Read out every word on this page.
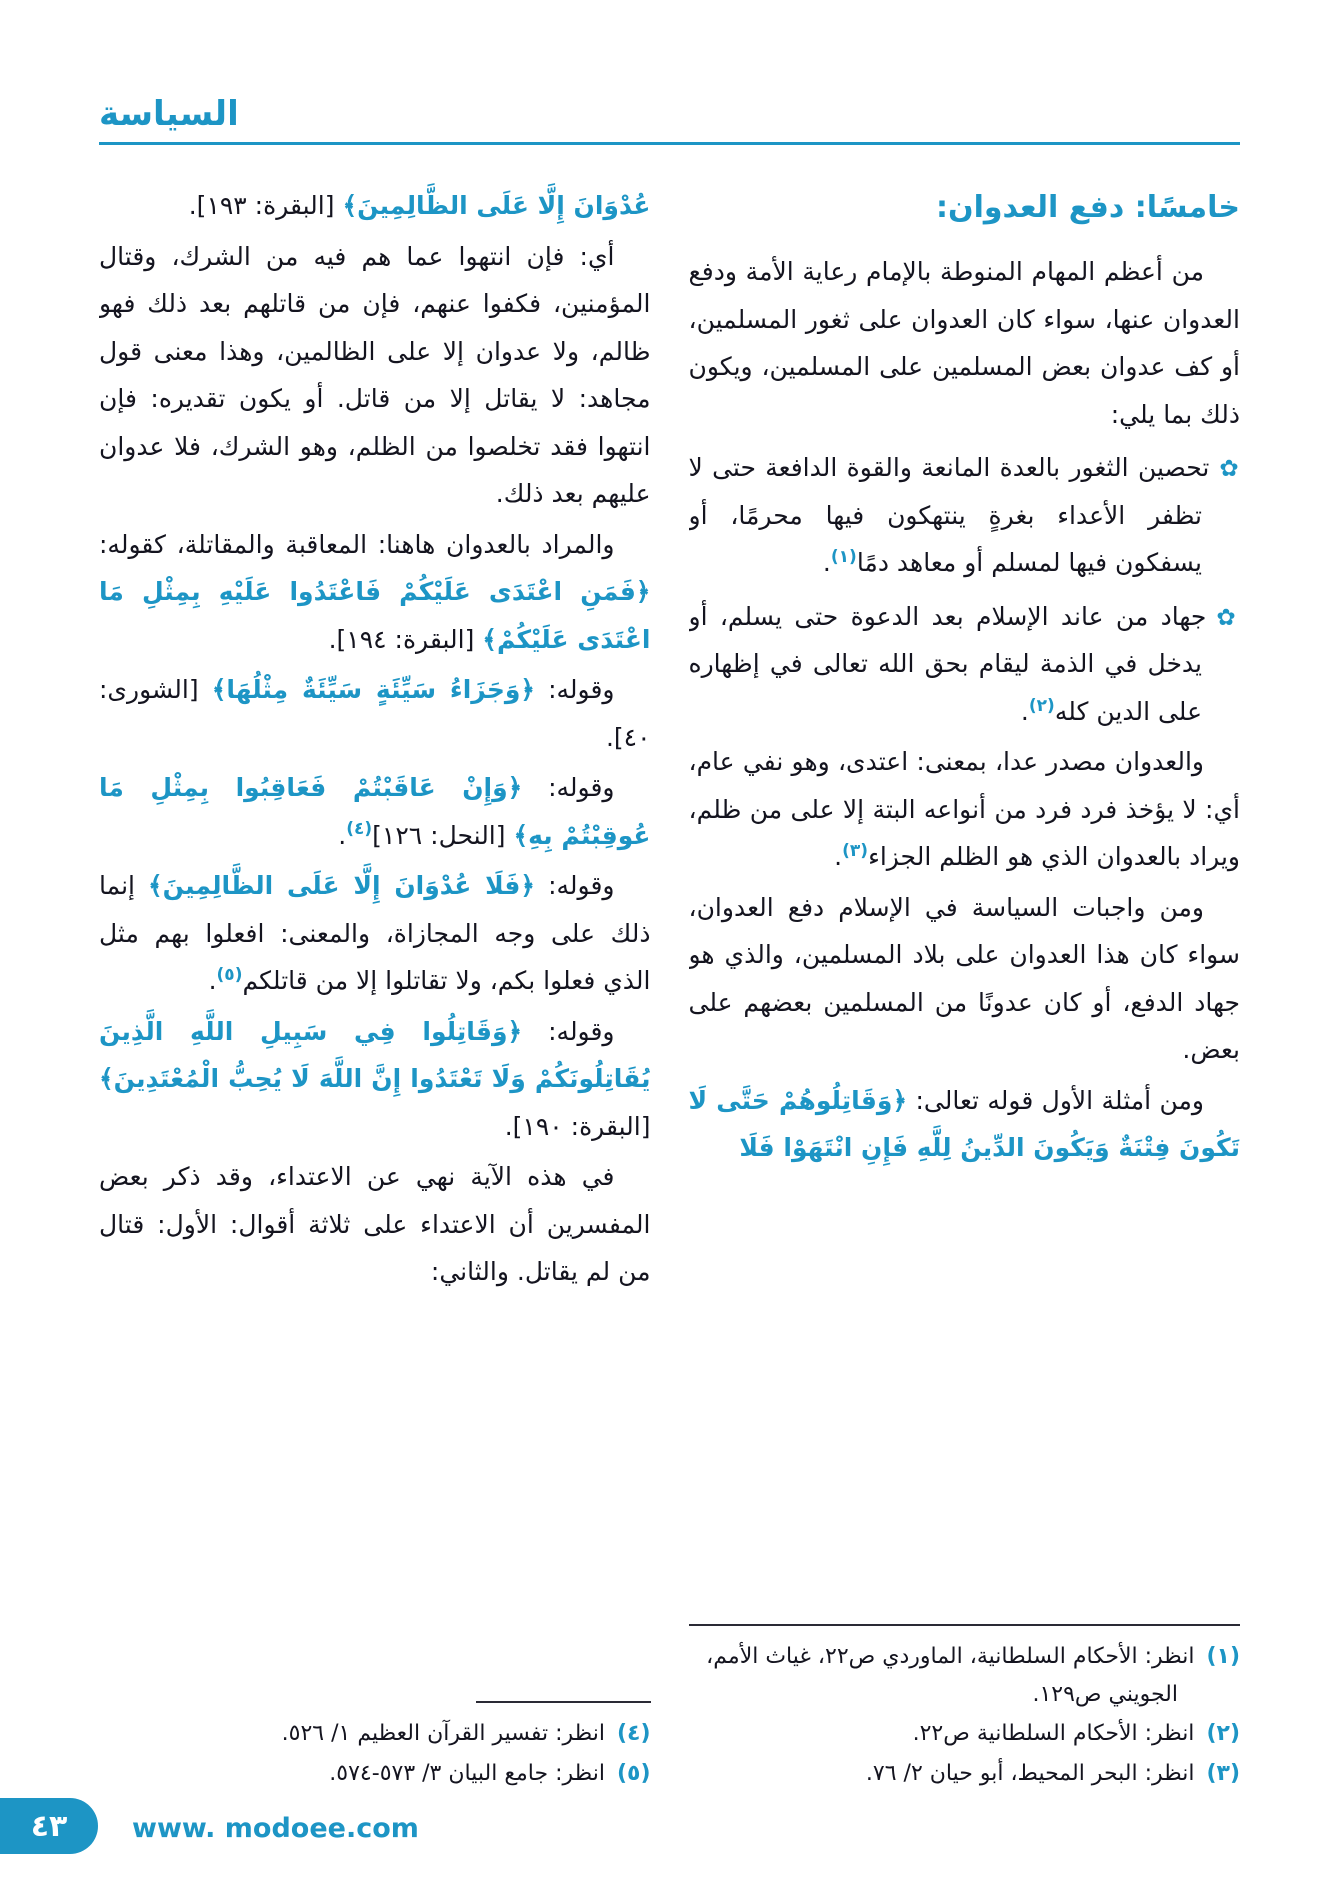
السياسة
خامسًا: دفع العدوان:

من أعظم المهام المنوطة بالإمام رعاية الأمة ودفع العدوان عنها، سواء كان العدوان على ثغور المسلمين، أو كف عدوان بعض المسلمين على المسلمين، ويكون ذلك بما يلي:

✿تحصين الثغور بالعدة المانعة والقوة الدافعة حتى لا تظفر الأعداء بغرةٍ ينتهكون فيها محرمًا، أو يسفكون فيها لمسلم أو معاهد دمًا$^{(١)}$.

✿جهاد من عاند الإسلام بعد الدعوة حتى يسلم، أو يدخل في الذمة ليقام بحق الله تعالى في إظهاره على الدين كله$^{(٢)}$.

والعدوان مصدر عدا، بمعنى: اعتدى، وهو نفي عام، أي: لا يؤخذ فرد فرد من أنواعه البتة إلا على من ظلم، ويراد بالعدوان الذي هو الظلم الجزاء$^{(٣)}$.

ومن واجبات السياسة في الإسلام دفع العدوان، سواء كان هذا العدوان على بلاد المسلمين، والذي هو جهاد الدفع، أو كان عدونًا من المسلمين بعضهم على بعض.

ومن أمثلة الأول قوله تعالى: ﴿وَقَاتِلُوهُمْ حَتَّى لَا تَكُونَ فِتْنَةٌ وَيَكُونَ الدِّينُ لِلَّهِ فَإِنِ انْتَهَوْا فَلَا

(١)انظر: الأحكام السلطانية، الماوردي ص٢٢، غياث الأمم، الجويني ص١٢٩.
(٢)انظر: الأحكام السلطانية ص٢٢.
(٣)انظر: البحر المحيط، أبو حيان ٢/ ٧٦.

عُدْوَانَ إِلَّا عَلَى الظَّالِمِينَ﴾ [البقرة: ١٩٣].

أي: فإن انتهوا عما هم فيه من الشرك، وقتال المؤمنين، فكفوا عنهم، فإن من قاتلهم بعد ذلك فهو ظالم، ولا عدوان إلا على الظالمين، وهذا معنى قول مجاهد: لا يقاتل إلا من قاتل. أو يكون تقديره: فإن انتهوا فقد تخلصوا من الظلم، وهو الشرك، فلا عدوان عليهم بعد ذلك.

والمراد بالعدوان هاهنا: المعاقبة والمقاتلة، كقوله: ﴿فَمَنِ اعْتَدَى عَلَيْكُمْ فَاعْتَدُوا عَلَيْهِ بِمِثْلِ مَا اعْتَدَى عَلَيْكُمْ﴾ [البقرة: ١٩٤].

وقوله: ﴿وَجَزَاءُ سَيِّئَةٍ سَيِّئَةٌ مِثْلُهَا﴾ [الشورى: ٤٠].

وقوله: ﴿وَإِنْ عَاقَبْتُمْ فَعَاقِبُوا بِمِثْلِ مَا عُوقِبْتُمْ بِهِ﴾ [النحل: ١٢٦]$^{(٤)}$.

وقوله: ﴿فَلَا عُدْوَانَ إِلَّا عَلَى الظَّالِمِينَ﴾ إنما ذلك على وجه المجازاة، والمعنى: افعلوا بهم مثل الذي فعلوا بكم، ولا تقاتلوا إلا من قاتلكم$^{(٥)}$.

وقوله: ﴿وَقَاتِلُوا فِي سَبِيلِ اللَّهِ الَّذِينَ يُقَاتِلُونَكُمْ وَلَا تَعْتَدُوا إِنَّ اللَّهَ لَا يُحِبُّ الْمُعْتَدِينَ﴾ [البقرة: ١٩٠].

في هذه الآية نهي عن الاعتداء، وقد ذكر بعض المفسرين أن الاعتداء على ثلاثة أقوال: الأول: قتال من لم يقاتل. والثاني:

(٤)انظر: تفسير القرآن العظيم ١/ ٥٢٦.
(٥)انظر: جامع البيان ٣/ ٥٧٣-٥٧٤.
٤٣ www. modoee.com
